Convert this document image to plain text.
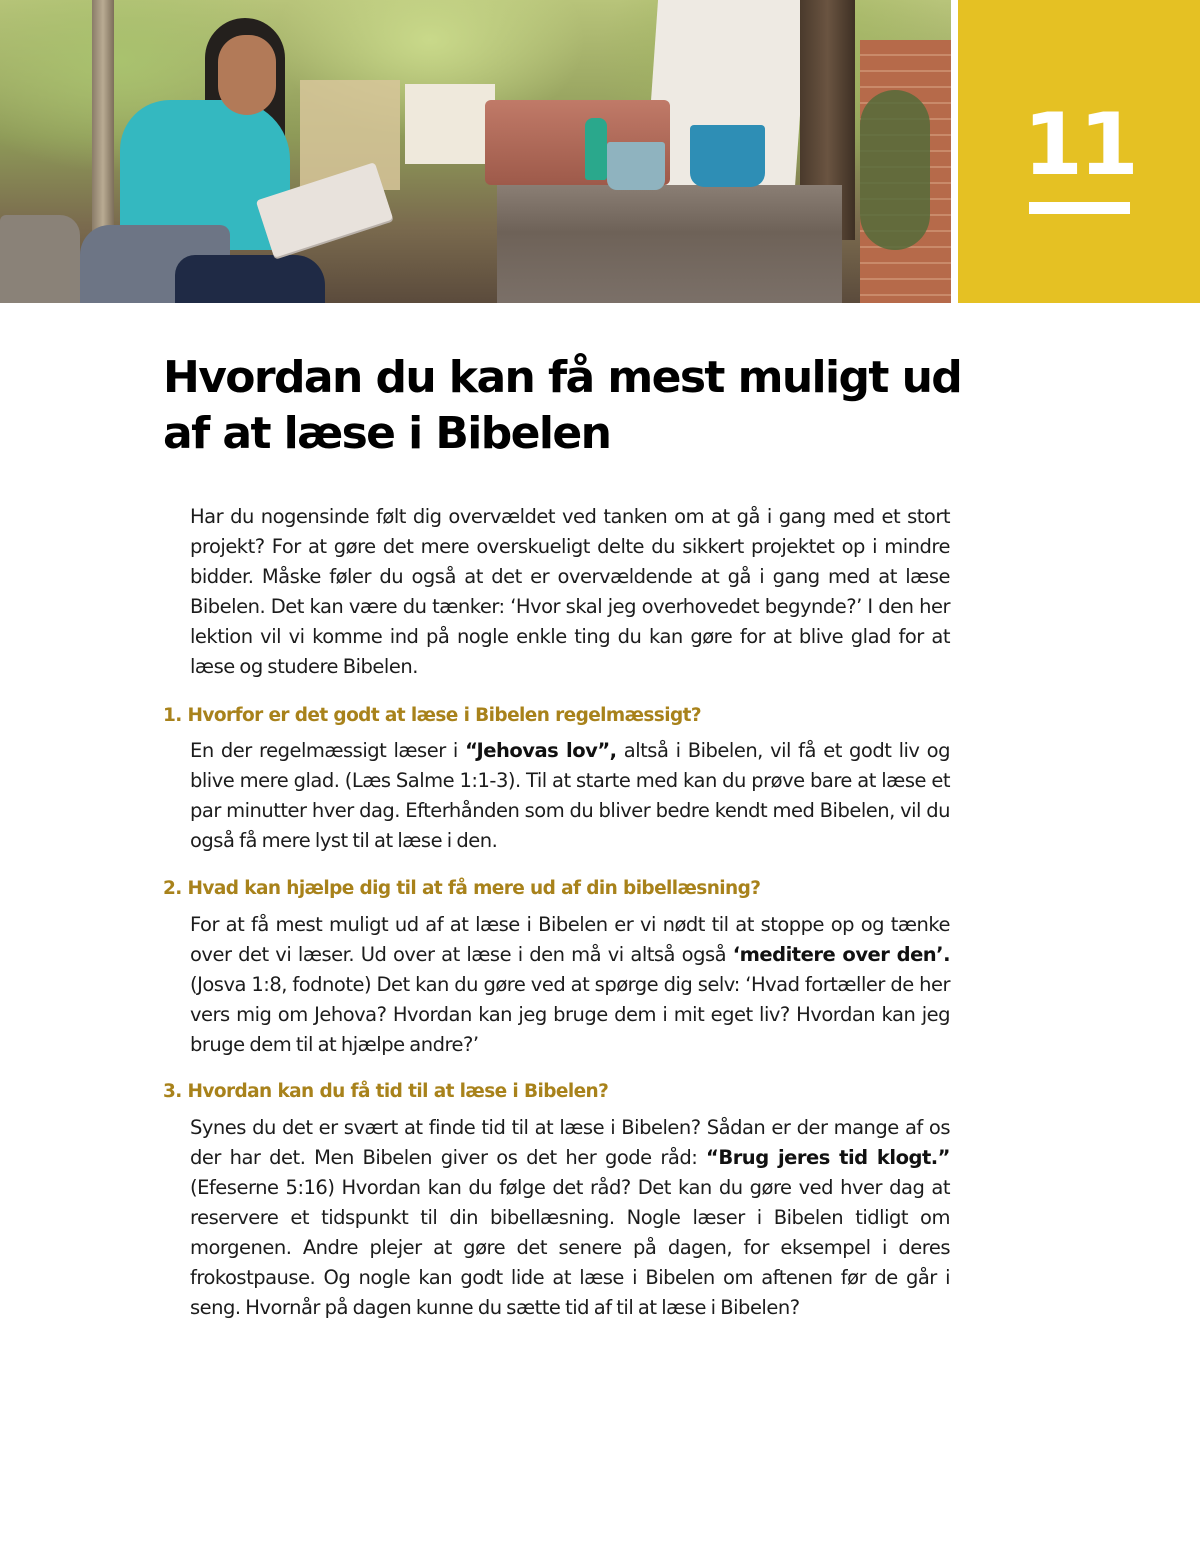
11
Hvordan du kan få mest muligt ud af at læse i Bibelen

Har du nogensinde følt dig overvældet ved tanken om at gå i gang med et stort projekt? For at gøre det mere overskueligt delte du sikkert projektet op i mindre bidder. Måske føler du også at det er overvældende at gå i gang med at læse Bibelen. Det kan være du tænker: ‘Hvor skal jeg overhovedet begynde?’ I den her lektion vil vi komme ind på nogle enkle ting du kan gøre for at blive glad for at læse og studere Bibelen.

1. Hvorfor er det godt at læse i Bibelen regelmæssigt?

En der regelmæssigt læser i “Jehovas lov”, altså i Bibelen, vil få et godt liv og blive mere glad. (Læs Salme 1:1-3). Til at starte med kan du prøve bare at læse et par minutter hver dag. Efterhånden som du bliver bedre kendt med Bibelen, vil du også få mere lyst til at læse i den.

2. Hvad kan hjælpe dig til at få mere ud af din bibellæsning?

For at få mest muligt ud af at læse i Bibelen er vi nødt til at stoppe op og tænke over det vi læser. Ud over at læse i den må vi altså også ‘meditere over den’. (Josva 1:8, fodnote) Det kan du gøre ved at spørge dig selv: ‘Hvad fortæller de her vers mig om Jehova? Hvordan kan jeg bruge dem i mit eget liv? Hvordan kan jeg bruge dem til at hjælpe andre?’

3. Hvordan kan du få tid til at læse i Bibelen?

Synes du det er svært at finde tid til at læse i Bibelen? Sådan er der mange af os der har det. Men Bibelen giver os det her gode råd: “Brug jeres tid klogt.” (Efeserne 5:16) Hvordan kan du følge det råd? Det kan du gøre ved hver dag at reservere et tidspunkt til din bibellæsning. Nogle læser i Bibelen tidligt om morgenen. Andre plejer at gøre det senere på dagen, for eksempel i deres frokostpause. Og nogle kan godt lide at læse i Bibelen om aftenen før de går i seng. Hvornår på dagen kunne du sætte tid af til at læse i Bibelen?
